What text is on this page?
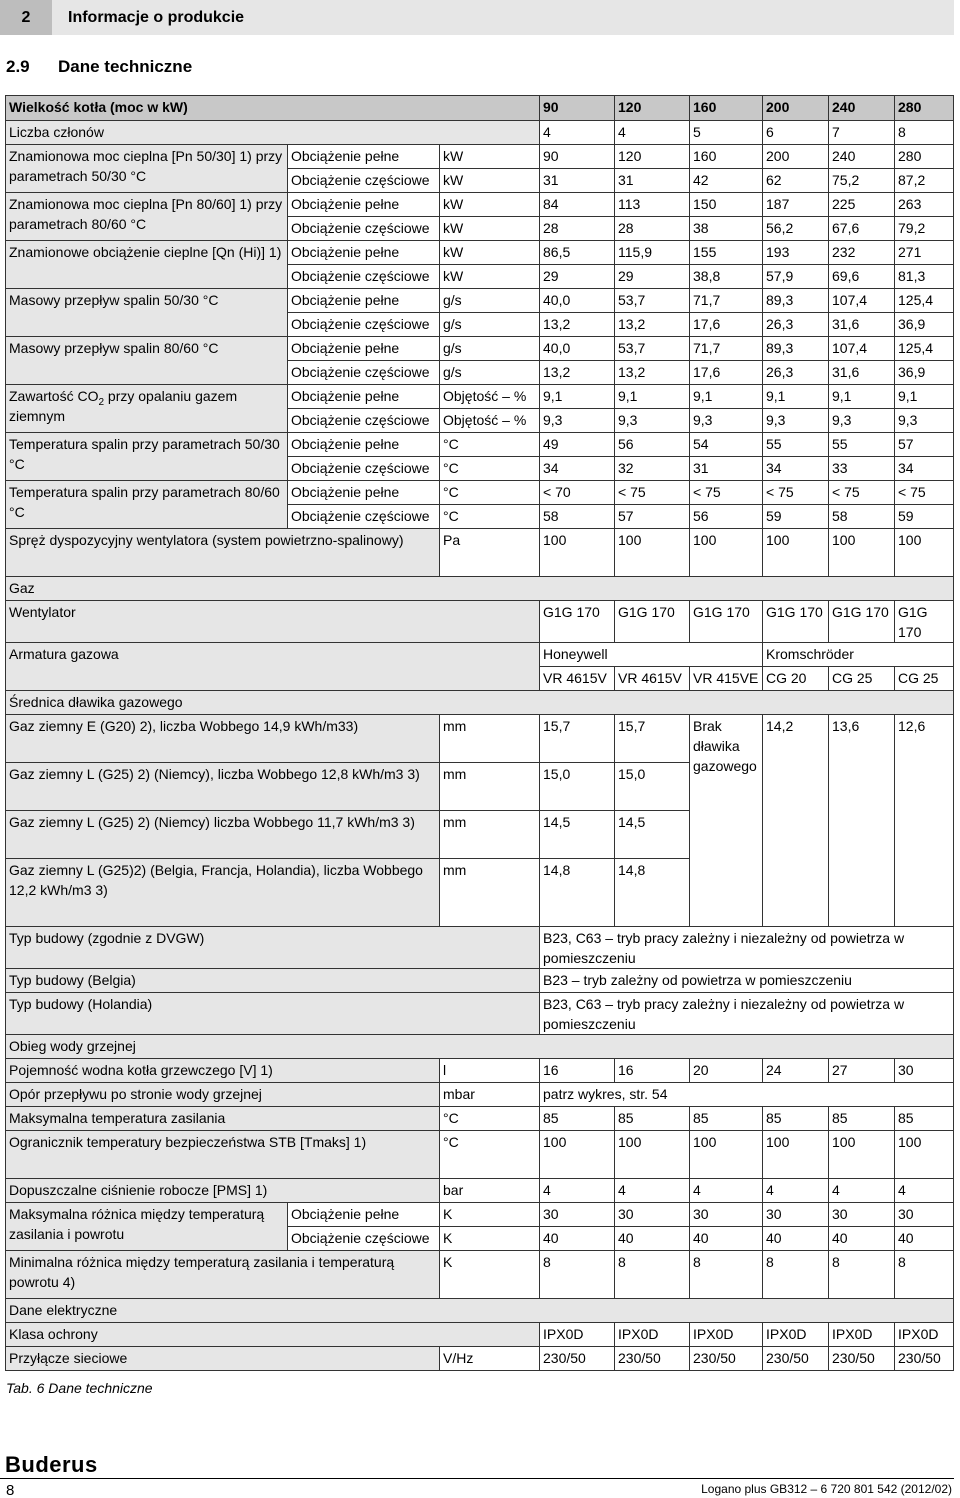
2	Informacje o produkcie
2.9 Dane techniczne
Wielkość kotła (moc w kW)			90	120	160	200	240	280
Liczba członów			4	4	5	6	7	8
Znamionowa moc cieplna [Pn 50/30] 1) przy parametrach 50/30 °C	Obciążenie pełne	kW	90	120	160	200	240	280
	Obciążenie częściowe	kW	31	31	42	62	75,2	87,2
Znamionowa moc cieplna [Pn 80/60] 1) przy parametrach 80/60 °C	Obciążenie pełne	kW	84	113	150	187	225	263
	Obciążenie częściowe	kW	28	28	38	56,2	67,6	79,2
Znamionowe obciążenie cieplne [Qn (Hi)] 1)	Obciążenie pełne	kW	86,5	115,9	155	193	232	271
	Obciążenie częściowe	kW	29	29	38,8	57,9	69,6	81,3
Masowy przepływ spalin 50/30 °C	Obciążenie pełne	g/s	40,0	53,7	71,7	89,3	107,4	125,4
	Obciążenie częściowe	g/s	13,2	13,2	17,6	26,3	31,6	36,9
Masowy przepływ spalin 80/60 °C	Obciążenie pełne	g/s	40,0	53,7	71,7	89,3	107,4	125,4
	Obciążenie częściowe	g/s	13,2	13,2	17,6	26,3	31,6	36,9
Zawartość $CO_2$ przy opalaniu gazem ziemnym	Obciążenie pełne	Objętość – %	9,1	9,1	9,1	9,1	9,1	9,1
	Obciążenie częściowe	Objętość – %	9,3	9,3	9,3	9,3	9,3	9,3
Temperatura spalin przy parametrach 50/30 °C	Obciążenie pełne	°C	49	56	54	55	55	57
	Obciążenie częściowe	°C	34	32	31	34	33	34
Temperatura spalin przy parametrach 80/60 °C	Obciążenie pełne	°C	< 70	< 75	< 75	< 75	< 75	< 75
	Obciążenie częściowe	°C	58	57	56	59	58	59
Spręż dyspozycyjny wentylatora (system powietrzno-spalinowy)		Pa	100	100	100	100	100	100
Gaz								
Wentylator			G1G 170	G1G 170	G1G 170	G1G 170	G1G 170	G1G 170
Armatura gazowa			Honeywell			Kromschröder		
			VR 4615V	VR 4615V	VR 415VE	CG 20	CG 25	CG 25
Średnica dławika gazowego								
Gaz ziemny E (G20) 2), liczba Wobbego 14,9 kWh/m33)		mm	15,7	15,7	Brak dławika gazowego	14,2	13,6	12,6
Gaz ziemny L (G25) 2) (Niemcy), liczba Wobbego 12,8 kWh/m3 3)		mm	15,0	15,0				
Gaz ziemny L (G25) 2) (Niemcy) liczba Wobbego 11,7 kWh/m3 3)		mm	14,5	14,5				
Gaz ziemny L (G25)2) (Belgia, Francja, Holandia), liczba Wobbego 12,2 kWh/m3 3)		mm	14,8	14,8				
Typ budowy (zgodnie z DVGW)			B23, C63 – tryb pracy zależny i niezależny od powietrza w pomieszczeniu					
Typ budowy (Belgia)			B23 – tryb zależny od powietrza w pomieszczeniu					
Typ budowy (Holandia)			B23, C63 – tryb pracy zależny i niezależny od powietrza w pomieszczeniu					
Obieg wody grzejnej								
Pojemność wodna kotła grzewczego [V] 1)		l	16	16	20	24	27	30
Opór przepływu po stronie wody grzejnej		mbar	patrz wykres, str. 54					
Maksymalna temperatura zasilania		°C	85	85	85	85	85	85
Ogranicznik temperatury bezpieczeństwa STB [Tmaks] 1)		°C	100	100	100	100	100	100
Dopuszczalne ciśnienie robocze [PMS] 1)		bar	4	4	4	4	4	4
Maksymalna różnica między temperaturą zasilania i powrotu	Obciążenie pełne	K	30	30	30	30	30	30
	Obciążenie częściowe	K	40	40	40	40	40	40
Minimalna różnica między temperaturą zasilania i temperaturą powrotu 4)		K	8	8	8	8	8	8
Dane elektryczne								
Klasa ochrony			IPX0D	IPX0D	IPX0D	IPX0D	IPX0D	IPX0D
Przyłącze sieciowe		V/Hz	230/50	230/50	230/50	230/50	230/50	230/50
Tab. 6 Dane techniczne
Buderus
8	Logano plus GB312 – 6 720 801 542 (2012/02)
